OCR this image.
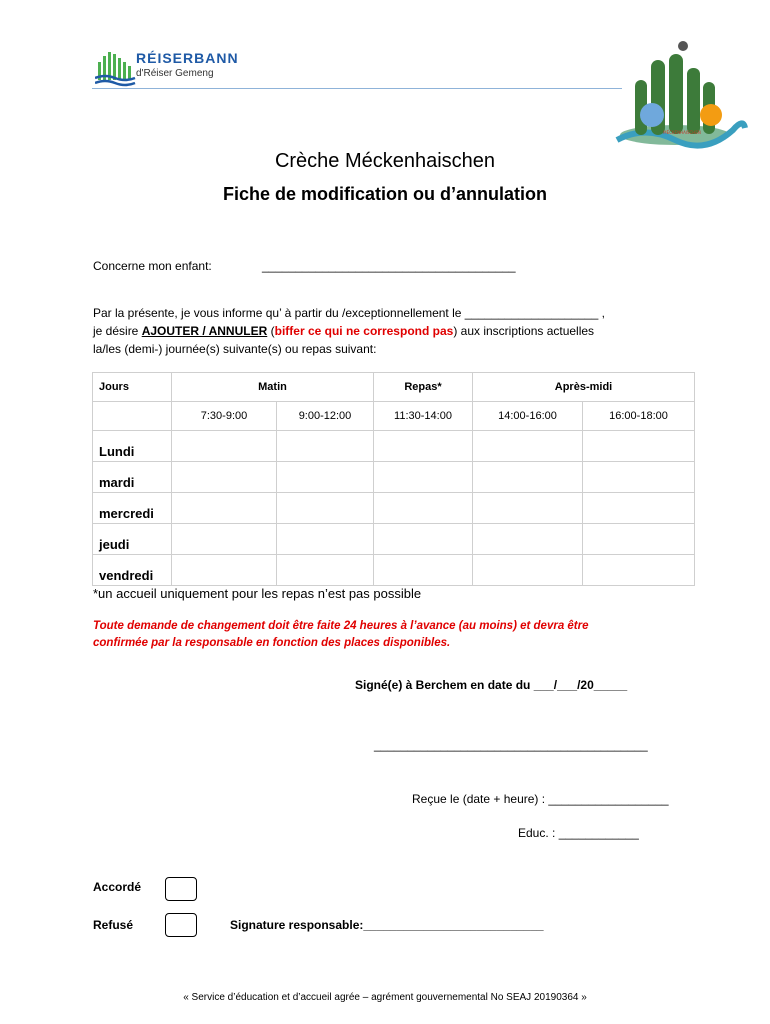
RÉISERBANN
d'Réiser Gemeng
MÉCKENHAISCHEN
Crèche Méckenhaischen
Fiche de modification ou d’annulation
Concerne mon enfant:	______________________________________
Par la présente, je vous informe qu’ à partir du /exceptionnellement le ____________________ ,
je désire AJOUTER / ANNULER (biffer ce qui ne correspond pas) aux inscriptions actuelles
la/les (demi-) journée(s) suivante(s) ou repas suivant:
Jours	Matin		Repas*	Après-midi	
	7:30-9:00	9:00-12:00	11:30-14:00	14:00-16:00	16:00-18:00
Lundi					
mardi					
mercredi					
jeudi					
vendredi					
*un accueil uniquement pour les repas n’est pas possible
Toute demande de changement doit être faite 24 heures à l’avance (au moins) et devra être
confirmée par la responsable en fonction des places disponibles.
Signé(e) à Berchem en date du ___/___/20_____
_________________________________________
Reçue le (date + heure) : __________________
Educ. : ____________
Accordé
Refusé	Signature responsable:___________________________
« Service d’éducation et d’accueil agrée – agrément gouvernemental No SEAJ 20190364 »
